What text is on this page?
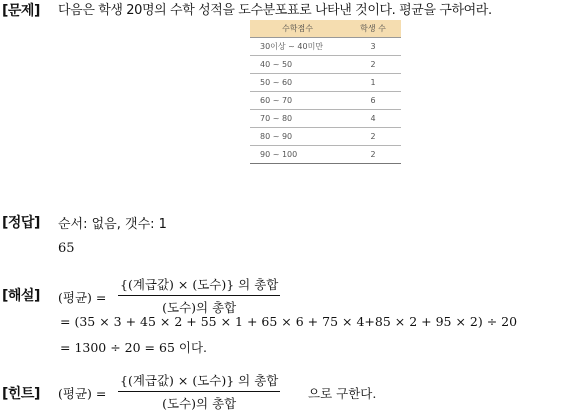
[문제] 다음은 학생 20명의 수학 성적을 도수분포표로 나타낸 것이다. 평균을 구하여라.
수학점수	학생 수
30이상 ~ 40미만	3
40 ~ 50	2
50 ~ 60	1
60 ~ 70	6
70 ~ 80	4
80 ~ 90	2
90 ~ 100	2
[정답] 순서: 없음, 갯수: 1
65
[해설] (평균) =
{(계급값) × (도수)} 의 총합
(도수)의 총합
= (35 × 3 + 45 × 2 + 55 × 1 + 65 × 6 + 75 × 4+85 × 2 + 95 × 2) ÷ 20
= 1300 ÷ 20 = 65 이다.
[힌트] (평균) =
{(계급값) × (도수)} 의 총합
(도수)의 총합
으로 구한다.
